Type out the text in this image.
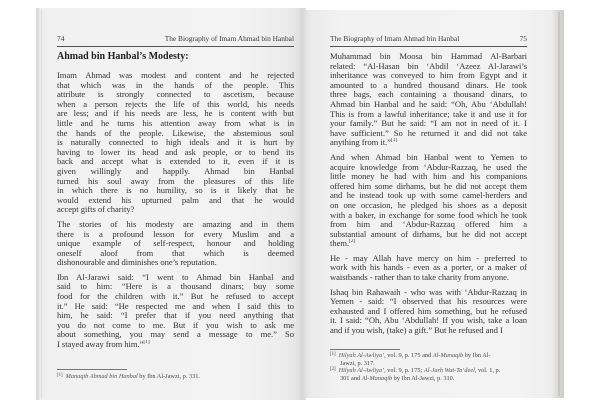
74	The Biography of Imam Ahmad bin Hanbal
Ahmad bin Hanbal’s Modesty:

Imam Ahmad was modest and content and he rejected
that which was in the hands of the people. This
attribute is strongly connected to ascetism, because
when a person rejects the life of this world, his needs
are less; and if his needs are less, he is content with but
little and he turns his attention away from what is in
the hands of the people. Likewise, the abstemious soul
is naturally connected to high ideals and it is hurt by
having to lower its head and ask people, or to bend its
back and accept what is extended to it, even if it is
given willingly and happily. Ahmad bin Hanbal
turned his soul away from the pleasures of this life
in which there is no humility, so is it likely that he
would extend his upturned palm and that he would
accept gifts of charity?

The stories of his modesty are amazing and in them
there is a profound lesson for every Muslim and a
unique example of self-respect, honour and holding
oneself aloof from that which is deemed
dishonourable and diminishes one’s reputation.

Ibn Al-Jarawi said: “I went to Ahmad bin Hanbal and
said to him: “Here is a thousand dinars; buy some
food for the children with it.” But he refused to accept
it.” He said: “He respected me and when I said this to
him, he said: “I prefer that if you need anything that
you do not come to me. But if you wish to ask me
about something, you may send a message to me.” So
I stayed away from him.”[1]

[1] Manaqib Ahmad bin Hanbal by Ibn Al-Jawzi, p. 331.
The Biography of Imam Ahmad bin Hanbal	75

Muhammad bin Moosa bin Hammad Al-Barbari
related: “Al-Hasan bin ‘Abdil ‘Azeez Al-Jarawi’s
inheritance was conveyed to him from Egypt and it
amounted to a hundred thousand dinars. He took
three bags, each containing a thousand dinars, to
Ahmad bin Hanbal and he said: “Oh, Abu ‘Abdullah!
This is from a lawful inheritance; take it and use it for
your family.” But he said: “I am not in need of it. I
have sufficient.” So he returned it and did not take
anything from it.”[1]

And when Ahmad bin Hanbal went to Yemen to
acquire knowledge from ‘Abdur-Razzaq, he used the
little money he had with him and his companions
offered him some dirhams, but he did not accept them
and he instead took up with some camel-herders and
on one occasion, he pledged his shoes as a deposit
with a baker, in exchange for some food which he took
from him and ‘Abdur-Razzaq offered him a
substantial amount of dirhams, but he did not accept
them.[2]

He - may Allah have mercy on him - preferred to
work with his hands - even as a porter, or a maker of
waistbands - rather than to take charity from anyone.

Ishaq bin Rahawaih - who was with ‘Abdur-Razzaq in
Yemen - said: “I observed that his resources were
exhausted and I offered him something, but he refused
it. I said: “Oh, Abu ‘Abdullah! If you wish, take a loan
and if you wish, (take) a gift.” But he refused and I

[1] Hilyah Al-Awliya’, vol. 9, p. 175 and Al-Manaqib by Ibn Al-
Jawzi, p. 317.
[2] Hilyah Al-Awliya’, vol. 9, p. 175; Al-Jarh Wat-Ta‘deel, vol. 1, p.
301 and Al-Manaqib by Ibn Al-Jawzi, p. 310.
